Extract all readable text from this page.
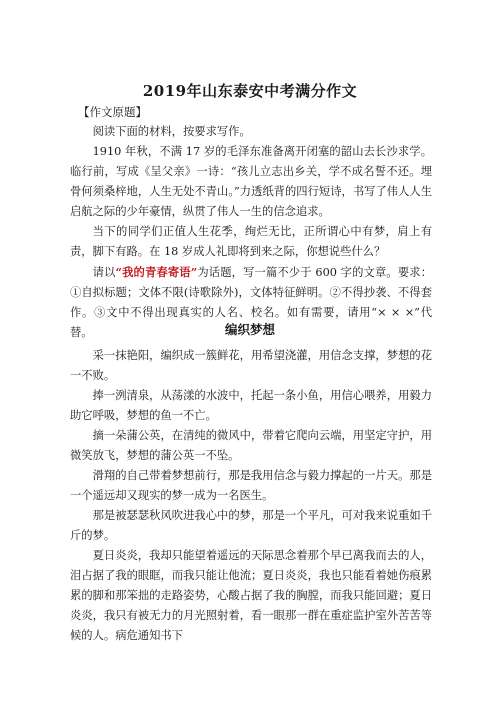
2019年山东泰安中考满分作文
【作文原题】

阅读下面的材料，按要求写作。

1910 年秋，不满 17 岁的毛泽东准备离开闭塞的韶山去长沙求学。临行前，写成《呈父亲》一诗：“孩儿立志出乡关，学不成名誓不还。埋骨何须桑梓地，人生无处不青山。”力透纸背的四行短诗，书写了伟人人生启航之际的少年豪情，纵贯了伟人一生的信念追求。

当下的同学们正值人生花季，绚烂无比，正所谓心中有梦，肩上有责，脚下有路。在 18 岁成人礼即将到来之际，你想说些什么？

请以“我的青春寄语”为话题，写一篇不少于 600 字的文章。要求：①自拟标题；文体不限(诗歌除外)，文体特征鲜明。②不得抄袭、不得套作。③文中不得出现真实的人名、校名。如有需要，请用“× × ×”代替。	编织梦想

采一抹艳阳，编织成一簇鲜花，用希望浇灌，用信念支撑，梦想的花一不败。

捧一洌清泉，从荡漾的水波中，托起一条小鱼，用信心喂养，用毅力助它呼吸，梦想的鱼一不亡。

摘一朵蒲公英，在清纯的微风中，带着它爬向云端，用坚定守护，用微笑放飞，梦想的蒲公英一不坠。

滑翔的自己带着梦想前行，那是我用信念与毅力撑起的一片天。那是一个遥远却又现实的梦一成为一名医生。

那是被瑟瑟秋风吹进我心中的梦，那是一个平凡，可对我来说重如千斤的梦。

夏日炎炎，我却只能望着遥远的天际思念着那个早已离我而去的人，泪占据了我的眼眶，而我只能让他流；夏日炎炎，我也只能看着她伤痕累累的脚和那笨拙的走路姿势，心酸占据了我的胸膛，而我只能回避；夏日炎炎，我只有被无力的月光照射着，看一眼那一群在重症监护室外苦苦等候的人。病危通知书下
